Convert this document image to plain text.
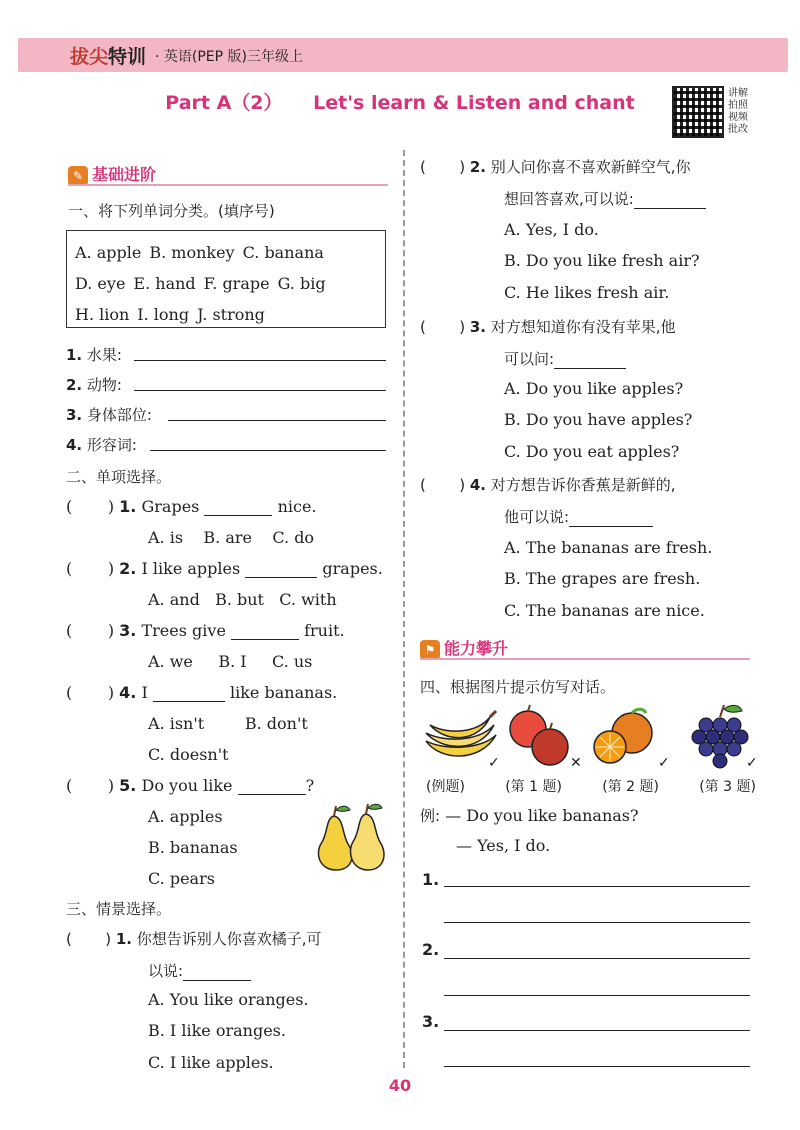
拔尖特训 · 英语(PEP 版)三年级上
Part A（2） Let's learn & Listen and chant	讲解拍照视频批改
✎ 基础进阶
一、将下列单词分类。(填序号)
A. apple B. monkey C. banana
D. eye E. hand F. grape G. big
H. lion I. long J. strong
1. 水果:
2. 动物:
3. 身体部位:
4. 形容词:
二、单项选择。
(       ) 1. Grapes	nice.
A. is B. are C. do
(       ) 2. I like apples	grapes.
A. and B. but C. with
(       ) 3. Trees give	fruit.
A. we B. I C. us
(       ) 4. I	like bananas.
A. isn't	B. don't
C. doesn't
(       ) 5. Do you like	?
A. apples
B. bananas
C. pears
三、情景选择。
(       ) 1. 你想告诉别人你喜欢橘子,可
以说:
A. You like oranges.
B. I like oranges.
C. I like apples.
(       ) 2. 别人问你喜不喜欢新鲜空气,你
想回答喜欢,可以说:
A. Yes, I do.
B. Do you like fresh air?
C. He likes fresh air.
(       ) 3. 对方想知道你有没有苹果,他
可以问:
A. Do you like apples?
B. Do you have apples?
C. Do you eat apples?
(       ) 4. 对方想告诉你香蕉是新鲜的,
他可以说:
A. The bananas are fresh.
B. The grapes are fresh.
C. The bananas are nice.
⚑ 能力攀升
四、根据图片提示仿写对话。
✓	✕	✓	✓
(例题)	(第 1 题)	(第 2 题)	(第 3 题)
例: — Do you like bananas?
— Yes, I do.
1.
2.
3.
40
